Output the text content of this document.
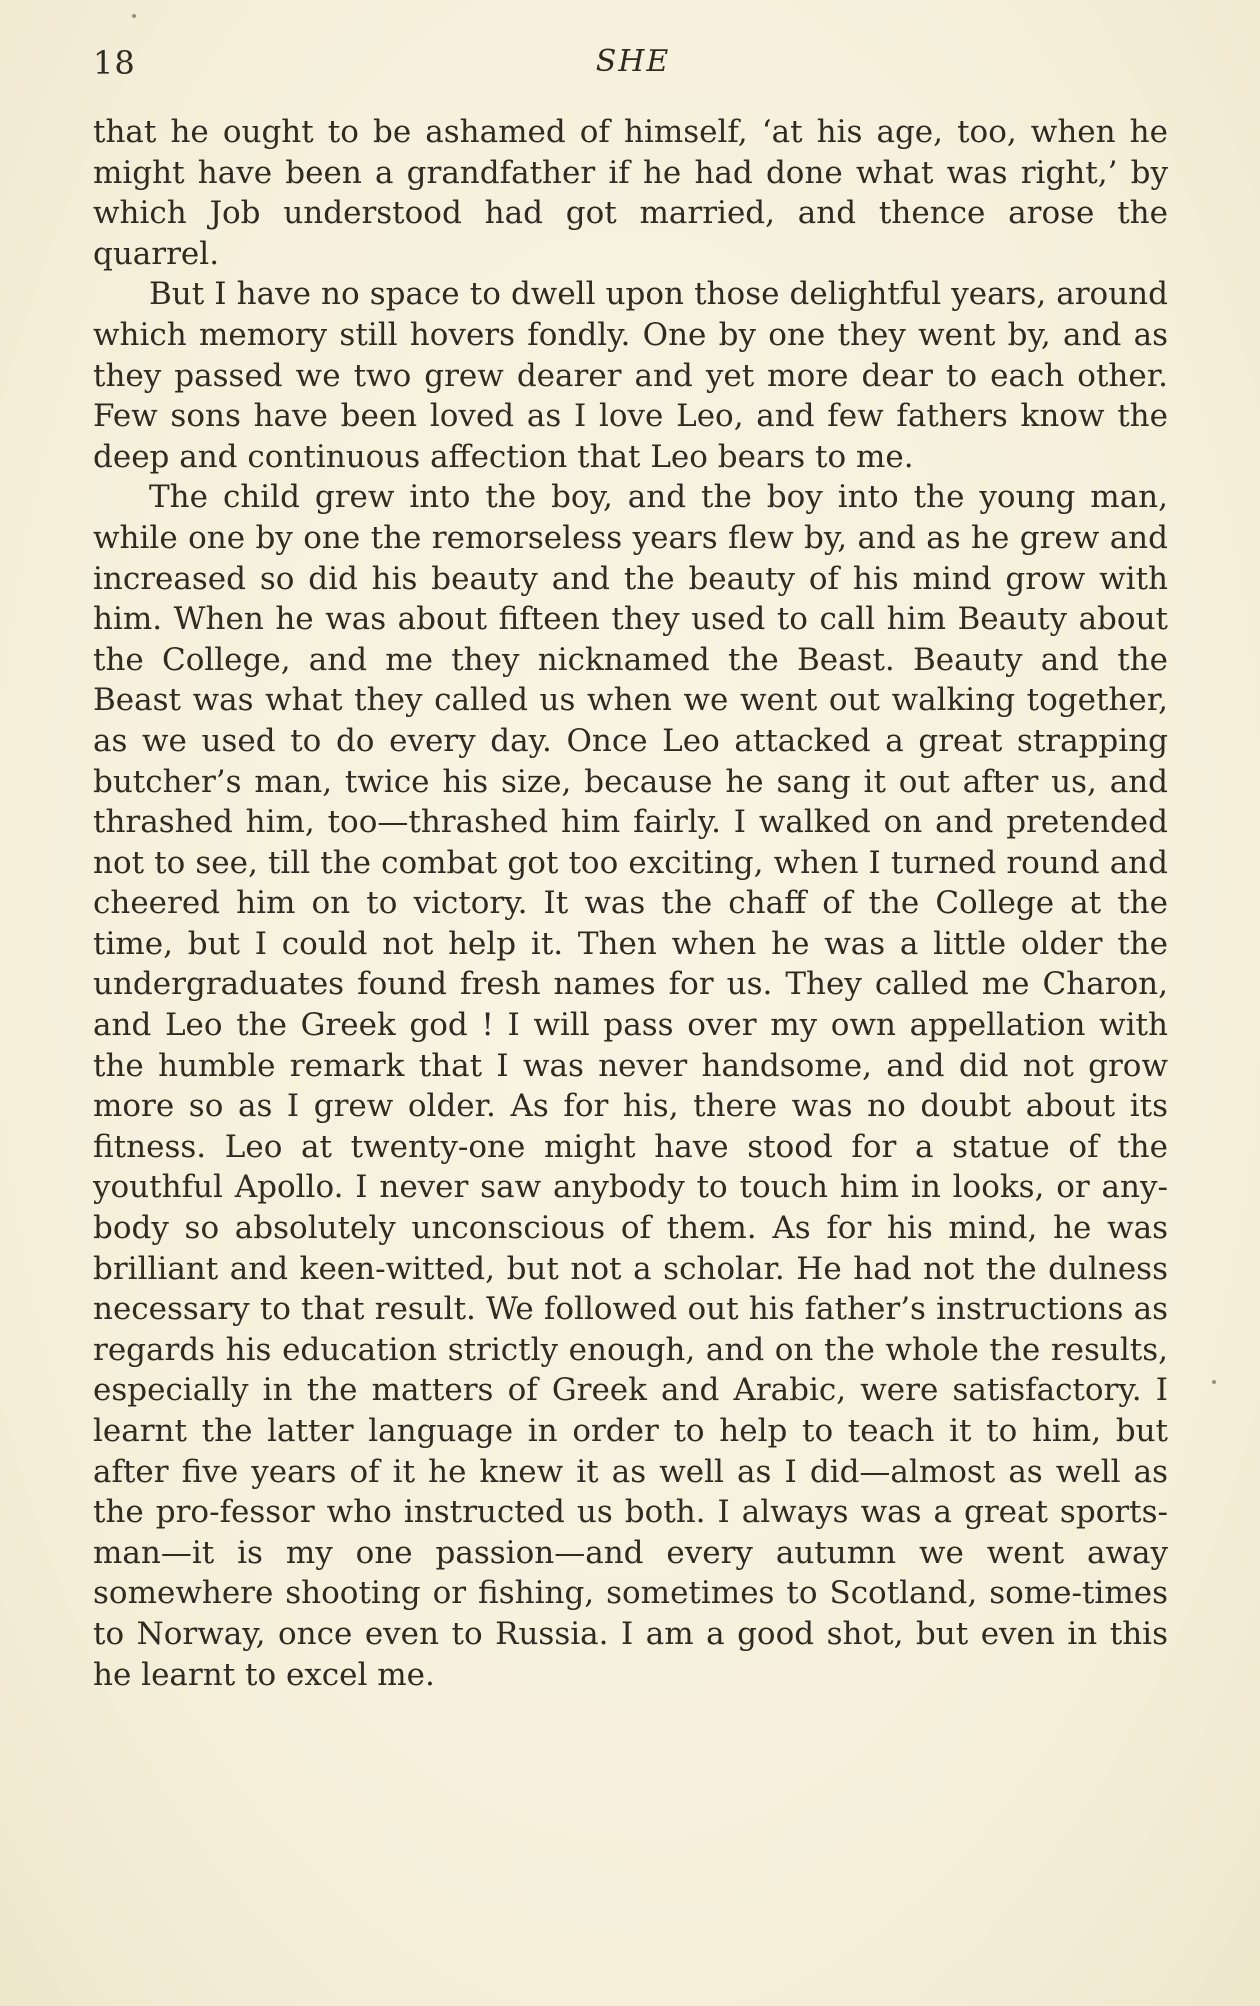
18	SHE

that he ought to be ashamed of himself, ‘at his age, too, when he might have been a grandfather if he had done what was right,’ by which Job understood had got married, and thence arose the quarrel.

But I have no space to dwell upon those delightful years, around which memory still hovers fondly. One by one they went by, and as they passed we two grew dearer and yet more dear to each other. Few sons have been loved as I love Leo, and few fathers know the deep and continuous affection that Leo bears to me.

The child grew into the boy, and the boy into the young man, while one by one the remorseless years flew by, and as he grew and increased so did his beauty and the beauty of his mind grow with him. When he was about fifteen they used to call him Beauty about the College, and me they nicknamed the Beast. Beauty and the Beast was what they called us when we went out walking together, as we used to do every day. Once Leo attacked a great strapping butcher’s man, twice his size, because he sang it out after us, and thrashed him, too—thrashed him fairly. I walked on and pretended not to see, till the combat got too exciting, when I turned round and cheered him on to victory. It was the chaff of the College at the time, but I could not help it. Then when he was a little older the undergraduates found fresh names for us. They called me Charon, and Leo the Greek god ! I will pass over my own appellation with the humble remark that I was never handsome, and did not grow more so as I grew older. As for his, there was no doubt about its fitness. Leo at twenty-one might have stood for a statue of the youthful Apollo. I never saw anybody to touch him in looks, or any-body so absolutely unconscious of them. As for his mind, he was brilliant and keen-witted, but not a scholar. He had not the dulness necessary to that result. We followed out his father’s instructions as regards his education strictly enough, and on the whole the results, especially in the matters of Greek and Arabic, were satisfactory. I learnt the latter language in order to help to teach it to him, but after five years of it he knew it as well as I did—almost as well as the pro-fessor who instructed us both. I always was a great sports-man—it is my one passion—and every autumn we went away somewhere shooting or fishing, sometimes to Scotland, some-times to Norway, once even to Russia. I am a good shot, but even in this he learnt to excel me.
